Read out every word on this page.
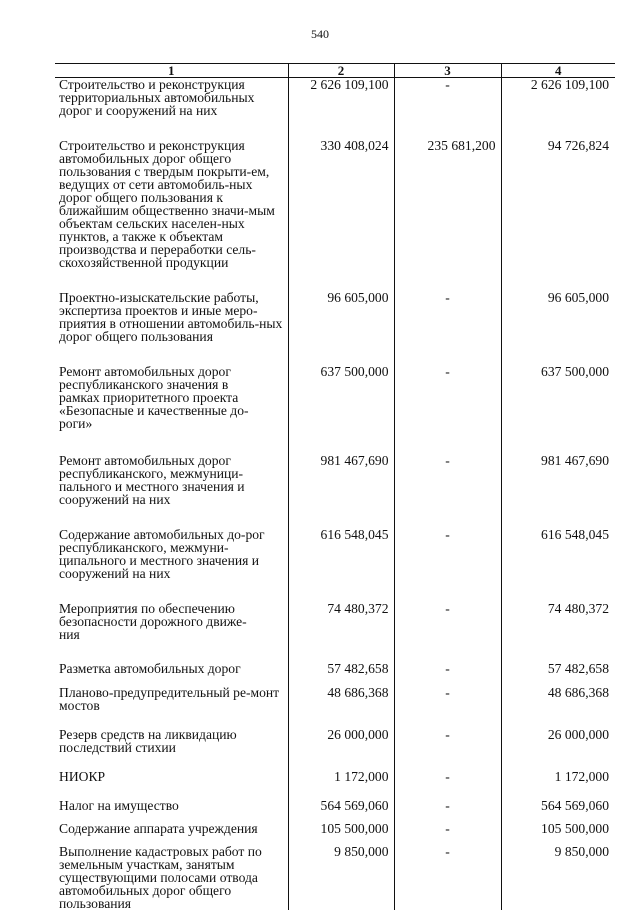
540
1	2	3	4

Строительство и реконструкция территориальных автомобильных дорог и сооружений на них	2 626 109,100	-	2 626 109,100

Строительство и реконструкция автомобильных дорог общего пользования с твердым покрыти-ем, ведущих от сети автомобиль-ных дорог общего пользования к ближайшим общественно значи-мым объектам сельских населен-ных пунктов, а также к объектам производства и переработки сель-скохозяйственной продукции	330 408,024	235 681,200	94 726,824

Проектно-изыскательские работы, экспертиза проектов и иные меро-приятия в отношении автомобиль-ных дорог общего пользования	96 605,000	-	96 605,000

Ремонт автомобильных дорог республиканского значения в рамках приоритетного проекта «Безопасные и качественные до-роги»	637 500,000	-	637 500,000

Ремонт автомобильных дорог республиканского, межмуници-пального и местного значения и сооружений на них	981 467,690	-	981 467,690

Содержание автомобильных до-рог республиканского, межмуни-ципального и местного значения и сооружений на них	616 548,045	-	616 548,045

Мероприятия по обеспечению безопасности дорожного движе-ния	74 480,372	-	74 480,372

Разметка автомобильных дорог	57 482,658	-	57 482,658

Планово-предупредительный ре-монт мостов	48 686,368	-	48 686,368

Резерв средств на ликвидацию последствий стихии	26 000,000	-	26 000,000

НИОКР	1 172,000	-	1 172,000

Налог на имущество	564 569,060	-	564 569,060

Содержание аппарата учреждения	105 500,000	-	105 500,000

Выполнение кадастровых работ по земельным участкам, занятым существующими полосами отвода автомобильных дорог общего пользования	9 850,000	-	9 850,000
